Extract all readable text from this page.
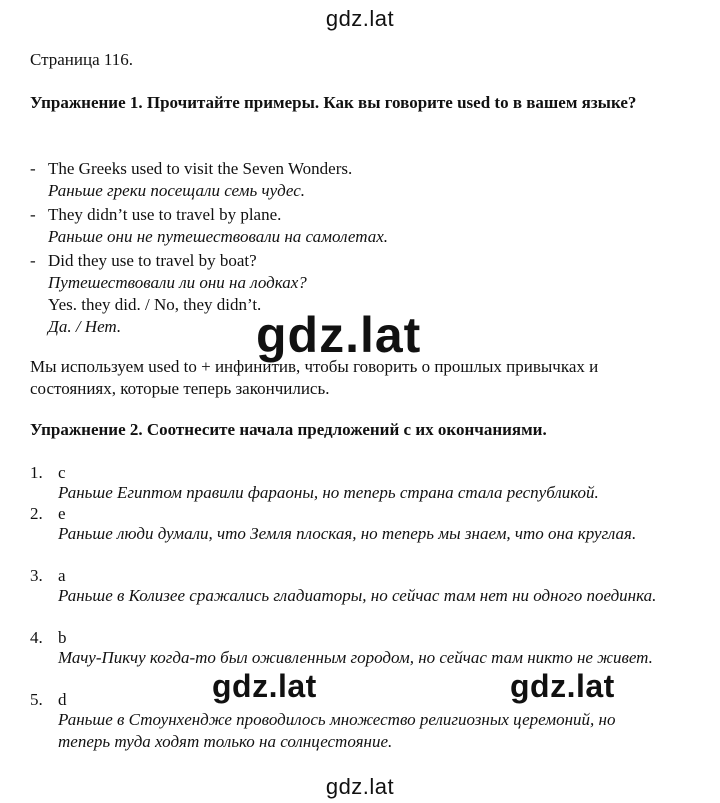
gdz.lat
Страница 116.
Упражнение 1. Прочитайте примеры. Как вы говорите used to в вашем языке?
- The Greeks used to visit the Seven Wonders.
Раньше греки посещали семь чудес.
- They didn’t use to travel by plane.
Раньше они не путешествовали на самолетах.
- Did they use to travel by boat?
Путешествовали ли они на лодках?
Yes. they did. / No, they didn’t.
Да. / Нет.	gdz.lat
Мы используем used to + инфинитив, чтобы говорить о прошлых привычках и состояниях, которые теперь закончились.
Упражнение 2. Соотнесите начала предложений с их окончаниями.
1. c
Раньше Египтом правили фараоны, но теперь страна стала республикой.
2. e
Раньше люди думали, что Земля плоская, но теперь мы знаем, что она круглая.
3. a
Раньше в Колизее сражались гладиаторы, но сейчас там нет ни одного поединка.
4. b
Мачу-Пикчу когда-то был оживленным городом, но сейчас там никто не живет.
5. d
Раньше в Стоунхендже проводилось множество религиозных церемоний, но теперь туда ходят только на солнцестояние.
gdz.lat	gdz.lat
gdz.lat
